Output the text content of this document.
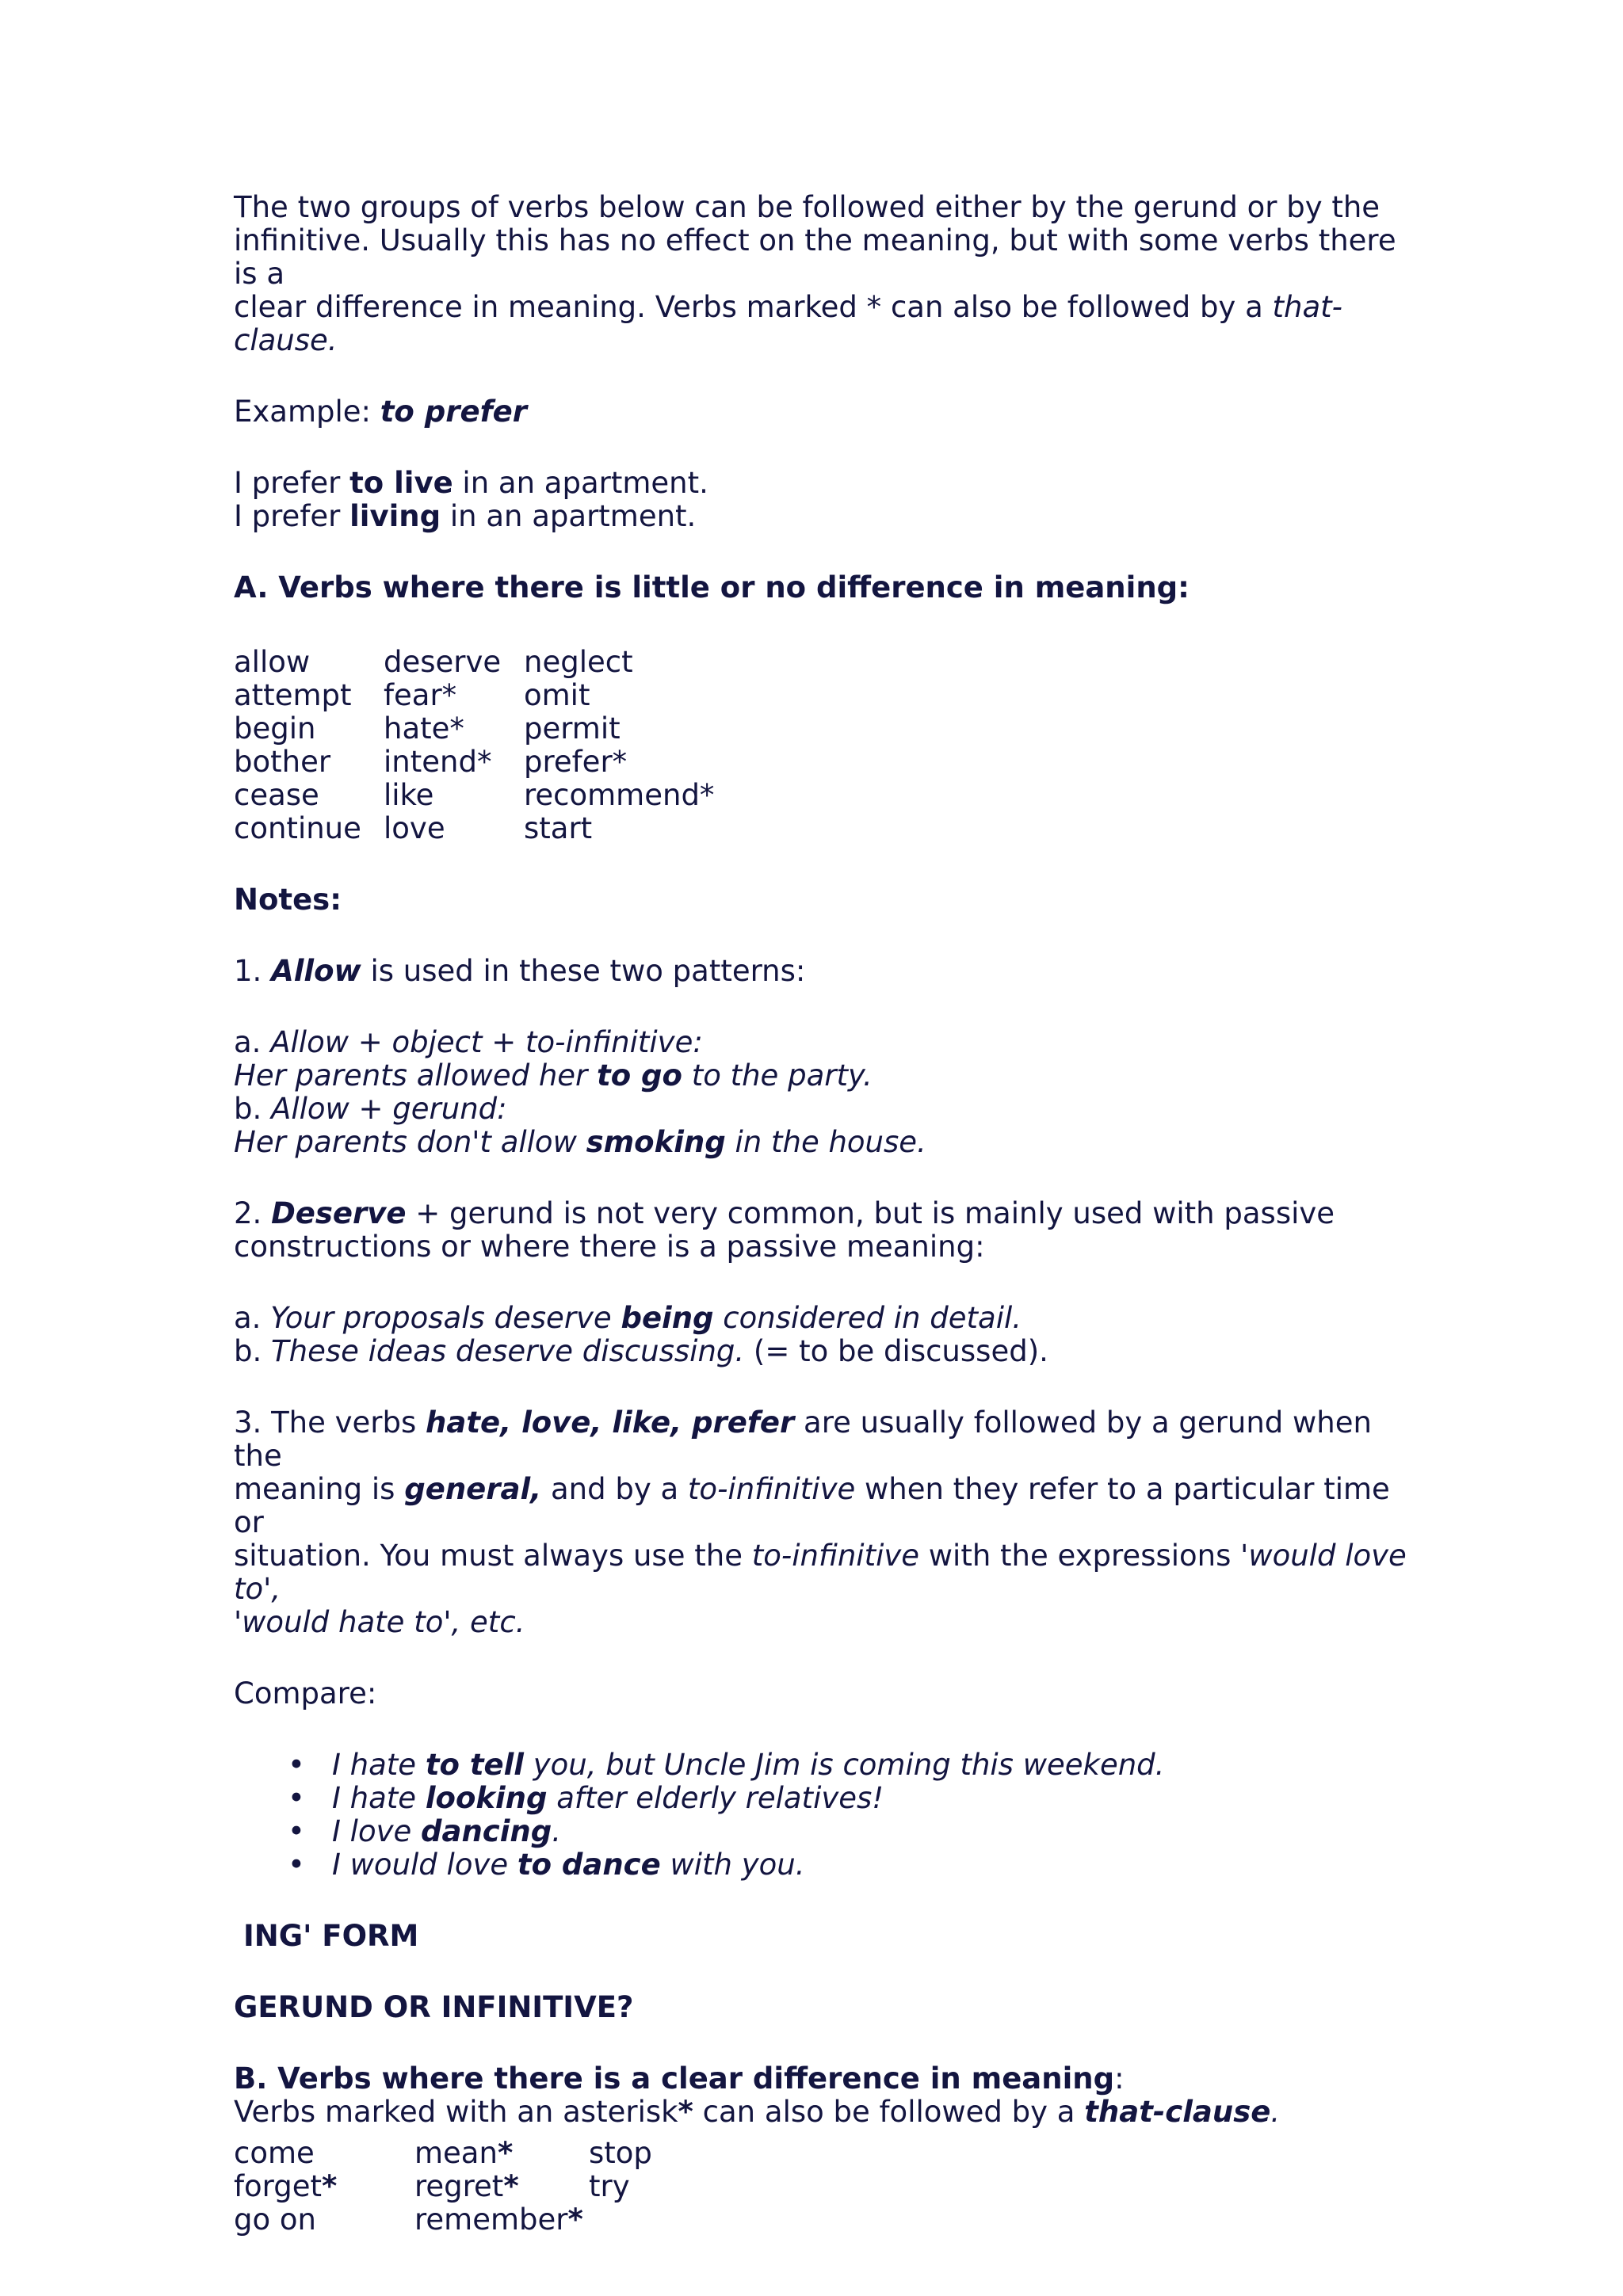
The two groups of verbs below can be followed either by the gerund or by the
infinitive. Usually this has no effect on the meaning, but with some verbs there is a
clear difference in meaning. Verbs marked * can also be followed by a that-clause.

Example: to prefer

I prefer to live in an apartment.
I prefer living in an apartment.

A. Verbs where there is little or no difference in meaning:

allow	deserve	neglect
attempt	fear*	omit
begin	hate*	permit
bother	intend*	prefer*
cease	like	recommend*
continue	love	start

Notes:

1. Allow is used in these two patterns:

a. Allow + object + to-infinitive:
Her parents allowed her to go to the party.
b. Allow + gerund:
Her parents don't allow smoking in the house.

2. Deserve + gerund is not very common, but is mainly used with passive
constructions or where there is a passive meaning:

a. Your proposals deserve being considered in detail.
b. These ideas deserve discussing. (= to be discussed).

3. The verbs hate, love, like, prefer are usually followed by a gerund when the
meaning is general, and by a to-infinitive when they refer to a particular time or
situation. You must always use the to-infinitive with the expressions 'would love to',
'would hate to', etc.

Compare:

• I hate to tell you, but Uncle Jim is coming this weekend.
• I hate looking after elderly relatives!
• I love dancing.
• I would love to dance with you.

ING' FORM

GERUND OR INFINITIVE?

B. Verbs where there is a clear difference in meaning:
Verbs marked with an asterisk* can also be followed by a that-clause.

come	mean*	stop
forget*	regret*	try
go on	remember*	
